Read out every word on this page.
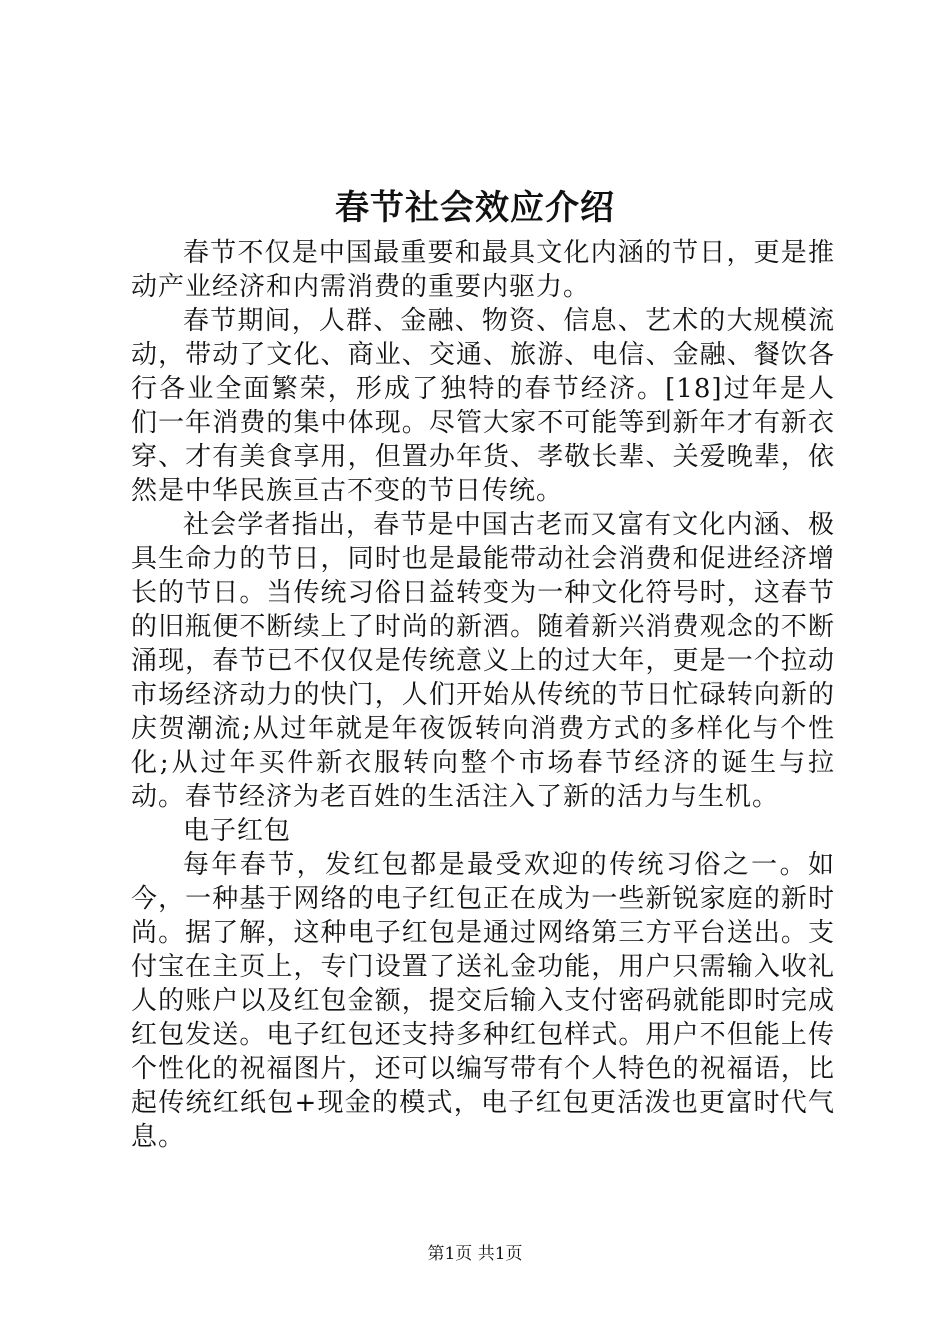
春节社会效应介绍

春节不仅是中国最重要和最具文化内涵的节日，更是推动产业经济和内需消费的重要内驱力。

春节期间，人群、金融、物资、信息、艺术的大规模流动，带动了文化、商业、交通、旅游、电信、金融、餐饮各行各业全面繁荣，形成了独特的春节经济。[18]过年是人们一年消费的集中体现。尽管大家不可能等到新年才有新衣穿、才有美食享用，但置办年货、孝敬长辈、关爱晚辈，依然是中华民族亘古不变的节日传统。

社会学者指出，春节是中国古老而又富有文化内涵、极具生命力的节日，同时也是最能带动社会消费和促进经济增长的节日。当传统习俗日益转变为一种文化符号时，这春节的旧瓶便不断续上了时尚的新酒。随着新兴消费观念的不断涌现，春节已不仅仅是传统意义上的过大年，更是一个拉动市场经济动力的快门，人们开始从传统的节日忙碌转向新的庆贺潮流;从过年就是年夜饭转向消费方式的多样化与个性化;从过年买件新衣服转向整个市场春节经济的诞生与拉动。春节经济为老百姓的生活注入了新的活力与生机。

电子红包

每年春节，发红包都是最受欢迎的传统习俗之一。如今，一种基于网络的电子红包正在成为一些新锐家庭的新时尚。据了解，这种电子红包是通过网络第三方平台送出。支付宝在主页上，专门设置了送礼金功能，用户只需输入收礼人的账户以及红包金额，提交后输入支付密码就能即时完成红包发送。电子红包还支持多种红包样式。用户不但能上传个性化的祝福图片，还可以编写带有个人特色的祝福语，比起传统红纸包+现金的模式，电子红包更活泼也更富时代气息。

第1页 共1页
